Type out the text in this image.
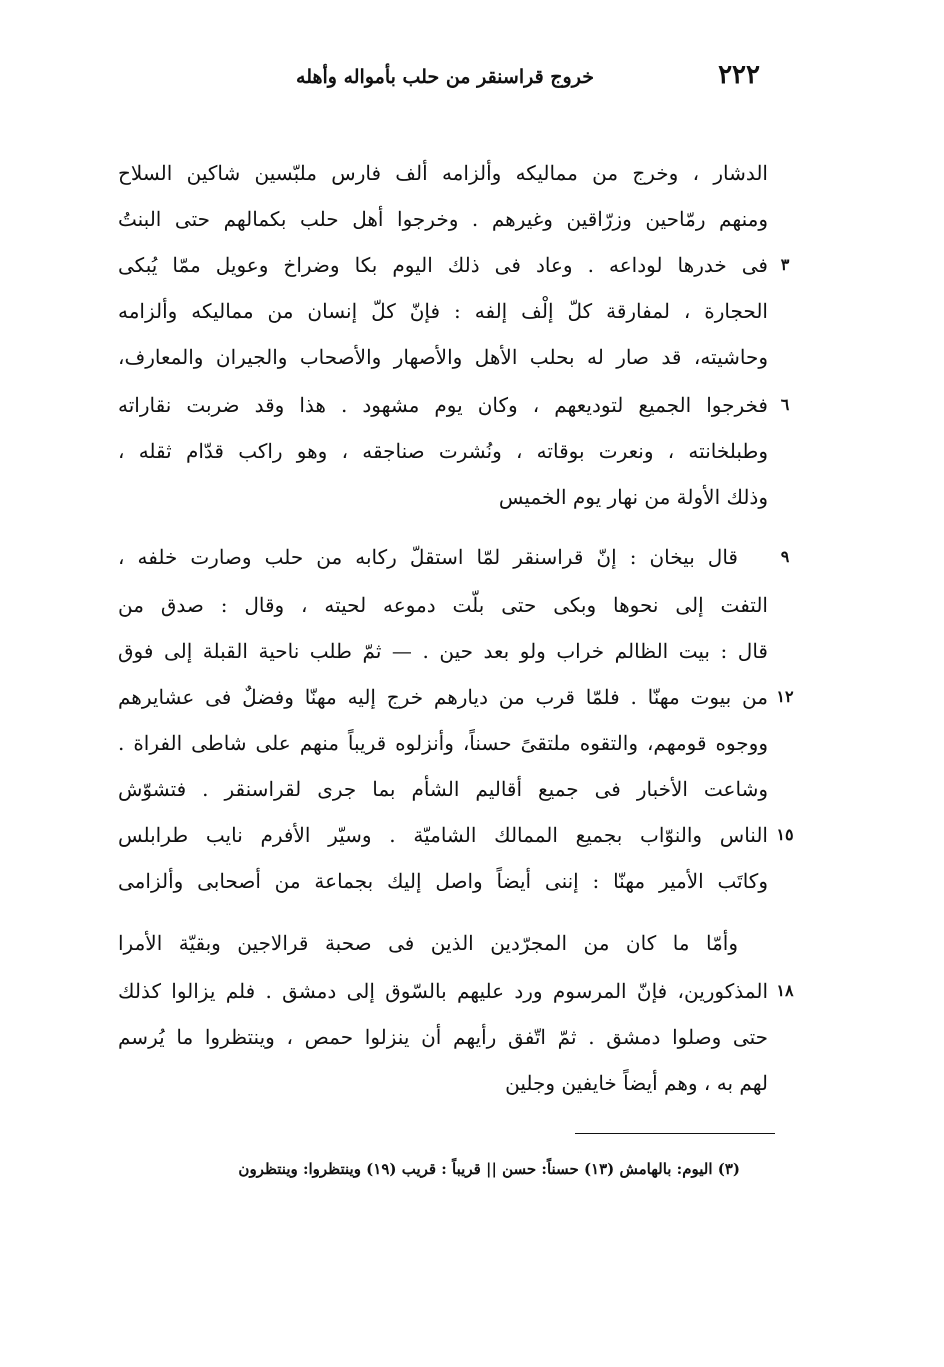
٢٢٢
خروج قراسنقر من حلب بأمواله وأهله
الدشار ، وخرج من مماليكه وألزامه ألف فارس ملبّسين شاكين السلاح
ومنهم رمّاحين وزرّاقين وغيرهم . وخرجوا أهل حلب بكمالهم حتى البنتُ
فى خدرها لوداعه . وعاد فى ذلك اليوم بكا وضراخ وعويل ممّا يُبكى ٣
الحجارة ، لمفارقة كلّ إلْف إلفه : فإنّ كلّ إنسان من مماليكه وألزامه
وحاشيته، قد صار له بحلب الأهل والأصهار والأصحاب والجيران والمعارف،
فخرجوا الجميع لتوديعهم ، وكان يوم مشهود . هذا وقد ضربت نقاراته ٦
وطبلخانته ، ونعرت بوقاته ، ونُشرت صناجقه ، وهو راكب قدّام ثقله ،
وذلك الأولة من نهار يوم الخميس
قال بيخان : إنّ قراسنقر لمّا استقلّ ركابه من حلب وصارت خلفه ،	٩
التفت إلى نحوها وبكى حتى بلّت دموعه لحيته ، وقال : صدق من
قال : بيت الظالم خراب ولو بعد حين . — ثمّ طلب ناحية القبلة إلى فوق
من بيوت مهنّا . فلمّا قرب من ديارهم خرج إليه مهنّا وفضلٌ فى عشايرهم ١٢
ووجوه قومهم، والتقوه ملتقىً حسناً، وأنزلوه قريباً منهم على شاطى الفراة .
وشاعت الأخبار فى جميع أقاليم الشأم بما جرى لقراسنقر . فتشوّش
الناس والنوّاب بجميع الممالك الشاميّة . وسيّر الأفرم نايب طرابلس ١٥
وكاتَب الأمير مهنّا : إننى أيضاً واصل إليك بجماعة من أصحابى وألزامى
وأمّا ما كان من المجرّدين الذين فى صحبة قرالاجين وبقيّة الأمرا
المذكورين، فإنّ المرسوم ورد عليهم بالسّوق إلى دمشق . فلم يزالوا كذلك ١٨
حتى وصلوا دمشق . ثمّ اتّفق رأيهم أن ينزلوا حمص ، وينتظروا ما يُرسم
لهم به ، وهم أيضاً خايفين وجلين
(٣) اليوم: بالهامش (١٣) حسناً: حسن || قريباً : قريب (١٩) وينتظروا: وينتظرون
